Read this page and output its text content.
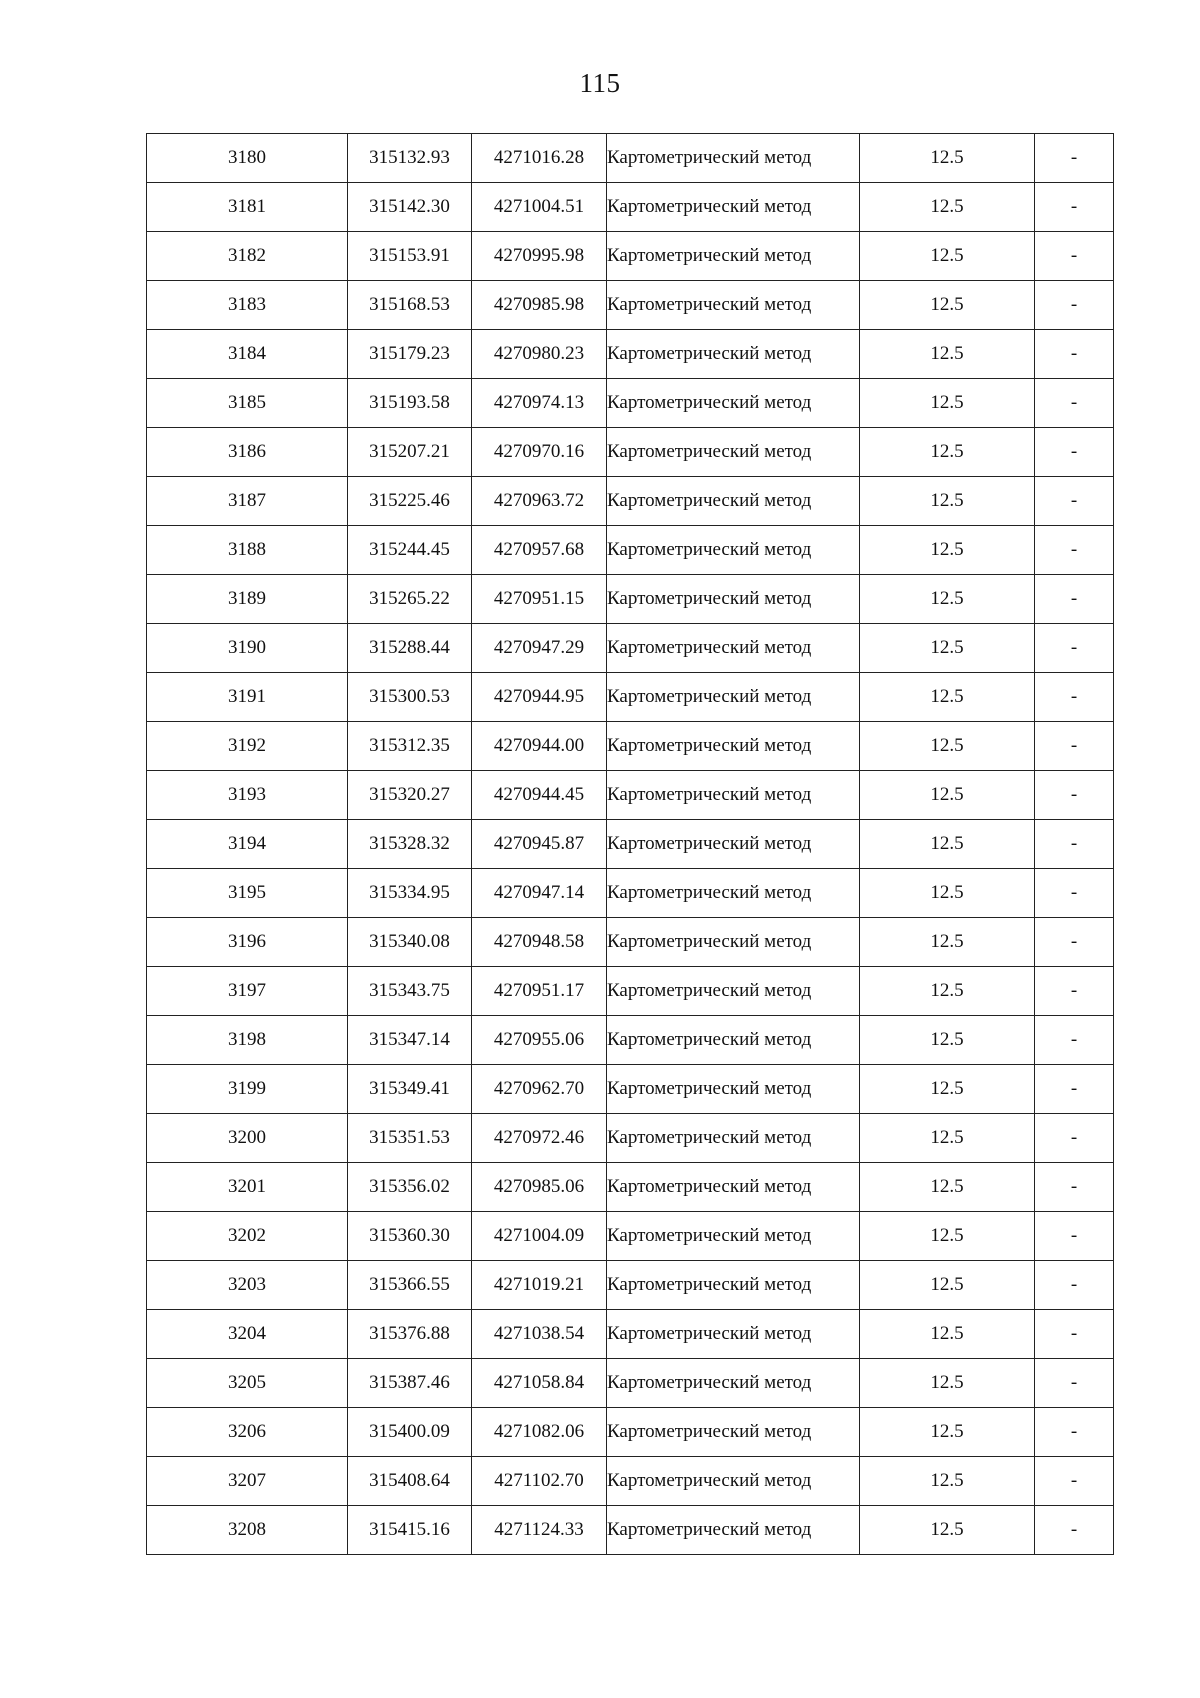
115
3180	315132.93	4271016.28	Картометрический метод	12.5	-
3181	315142.30	4271004.51	Картометрический метод	12.5	-
3182	315153.91	4270995.98	Картометрический метод	12.5	-
3183	315168.53	4270985.98	Картометрический метод	12.5	-
3184	315179.23	4270980.23	Картометрический метод	12.5	-
3185	315193.58	4270974.13	Картометрический метод	12.5	-
3186	315207.21	4270970.16	Картометрический метод	12.5	-
3187	315225.46	4270963.72	Картометрический метод	12.5	-
3188	315244.45	4270957.68	Картометрический метод	12.5	-
3189	315265.22	4270951.15	Картометрический метод	12.5	-
3190	315288.44	4270947.29	Картометрический метод	12.5	-
3191	315300.53	4270944.95	Картометрический метод	12.5	-
3192	315312.35	4270944.00	Картометрический метод	12.5	-
3193	315320.27	4270944.45	Картометрический метод	12.5	-
3194	315328.32	4270945.87	Картометрический метод	12.5	-
3195	315334.95	4270947.14	Картометрический метод	12.5	-
3196	315340.08	4270948.58	Картометрический метод	12.5	-
3197	315343.75	4270951.17	Картометрический метод	12.5	-
3198	315347.14	4270955.06	Картометрический метод	12.5	-
3199	315349.41	4270962.70	Картометрический метод	12.5	-
3200	315351.53	4270972.46	Картометрический метод	12.5	-
3201	315356.02	4270985.06	Картометрический метод	12.5	-
3202	315360.30	4271004.09	Картометрический метод	12.5	-
3203	315366.55	4271019.21	Картометрический метод	12.5	-
3204	315376.88	4271038.54	Картометрический метод	12.5	-
3205	315387.46	4271058.84	Картометрический метод	12.5	-
3206	315400.09	4271082.06	Картометрический метод	12.5	-
3207	315408.64	4271102.70	Картометрический метод	12.5	-
3208	315415.16	4271124.33	Картометрический метод	12.5	-
